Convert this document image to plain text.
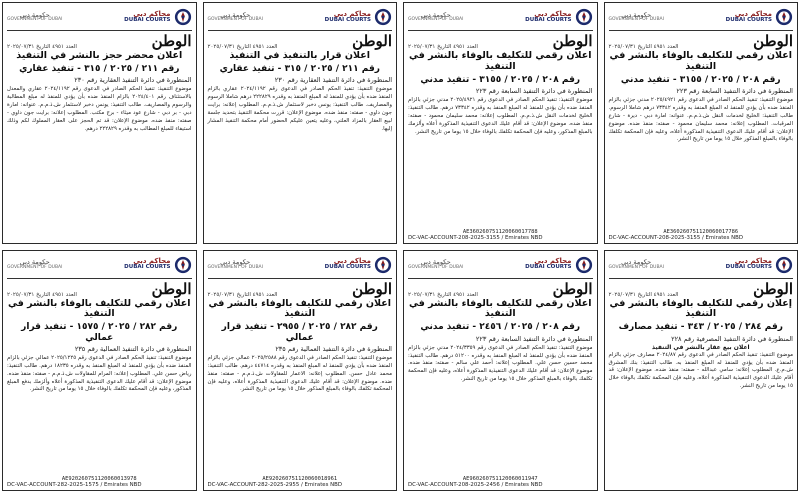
محاكم دبي
DUBAI COURTS
حكومة دبي
GOVERNMENT OF DUBAI
الوطن
العدد ٤٩٥١ التاريخ ٢٠٢٥/٠٧/٣١
اعلان محضر حجز بالنشر في التنفيذ
رقم ٢١١ / ٢٠٢٥ / ٣١٥ - تنفيذ عقاري
المنظورة في دائرة التنفيذ العقارية رقم ٢٣٠
موضوع التنفيذ: تنفيذ الحكم الصادر في الدعوى رقم ٢٠٢٤/١١٩٢ عقاري والمعدل بالاستئناف رقم ٢٠٢٤/٤٠١ بالزام المنفذ ضده بأن يؤدي للمنفذ له مبلغ المطالبة والرسوم والمصاريف. طالب التنفيذ: يونس دخبر لاستثمار ش.ذ.م.م. عنوانه: امارة دبي - بر دبي - شارع عود ميثاء - برج مكتب. المطلوب إعلانه: برايت جون داوي - صفته: منفذ ضده. موضوع الإعلان: قد تم الحجز على العقار المملوك لكم وذلك استيفاء للمبلغ المطالب به وقدره ٢٢٢٨٢٩ درهم.
محاكم دبي
DUBAI COURTS
حكومة دبي
GOVERNMENT OF DUBAI
الوطن
العدد ٤٩٥١ التاريخ ٢٠٢٥/٠٧/٣١
اعلان قرار بالتنفيذ في التنفيذ
رقم ٢١١ / ٢٠٢٥ / ٣١٥ - تنفيذ عقاري
المنظورة في دائرة التنفيذ العقارية رقم ٢٣٠
موضوع التنفيذ: تنفيذ الحكم الصادر في الدعوى رقم ٢٠٢٤/١١٩٢ عقاري بالزام المنفذ ضده بأن يؤدي للمنفذ له المبلغ المنفذ به وقدره ٢٢٢٨٢٩ درهم شاملا الرسوم والمصاريف. طالب التنفيذ: يونس دخبر لاستثمار ش.ذ.م.م. المطلوب إعلانه: برايت جون داوي - صفته: منفذ ضده. موضوع الإعلان: قررت محكمة التنفيذ بتحديد جلسة لبيع العقار بالمزاد العلني، وعليه يتعين عليكم الحضور أمام محكمة التنفيذ المشار إليها.
محاكم دبي
DUBAI COURTS
حكومة دبي
GOVERNMENT OF DUBAI
الوطن
العدد ٤٩٥١ التاريخ ٢٠٢٥/٠٧/٣١
اعلان رقمي للتكليف بالوفاء بالنشر في التنفيذ
رقم ٢٠٨ / ٢٠٢٥ / ٣١٥٥ - تنفيذ مدني
المنظورة في دائرة التنفيذ السابعة رقم ٢٢٣
موضوع التنفيذ: تنفيذ الحكم الصادر في الدعوى رقم ٢٠٢٥/٤٩٢١ مدني جزئي بالزام المنفذ ضده بأن يؤدي للمنفذ له المبلغ المنفذ به وقدره ٧٣٣٤٢ درهم. طالب التنفيذ: الخليج لخدمات النقل ش.ذ.م.م. المطلوب إعلانه: محمد سليمان محمود - صفته: منفذ ضده. موضوع الإعلان: قد أقام عليك الدعوى التنفيذية المذكورة أعلاه وألزمك بالمبلغ المذكور، وعليه فإن المحكمة تكلفك بالوفاء خلال ١٥ يوما من تاريخ النشر.
AE360260751120060017788
DC-VAC-ACCOUNT-208-2025-3155 / Emirates NBD
محاكم دبي
DUBAI COURTS
حكومة دبي
GOVERNMENT OF DUBAI
الوطن
العدد ٤٩٥١ التاريخ ٢٠٢٥/٠٧/٣١
اعلان رقمي للتكليف بالوفاء بالنشر في التنفيذ
رقم ٢٠٨ / ٢٠٢٥ / ٣١٥٥ - تنفيذ مدني
المنظورة في دائرة التنفيذ السابعة رقم ٢٢٣
موضوع التنفيذ: تنفيذ الحكم الصادر في الدعوى رقم ٢٠٢٥/٤٩٢١ مدني جزئي بالزام المنفذ ضده بأن يؤدي للمنفذ له المبلغ المنفذ به وقدره ٧٣٣٤٢ درهم شاملا الرسوم. طالب التنفيذ: الخليج لخدمات النقل ش.ذ.م.م. عنوانه: امارة دبي - ديرة - شارع المرقبات. المطلوب إعلانه: محمد سليمان محمود - صفته: منفذ ضده. موضوع الإعلان: قد أقام عليك الدعوى التنفيذية المذكورة أعلاه، وعليه فإن المحكمة تكلفك بالوفاء بالمبلغ المذكور خلال ١٥ يوما من تاريخ النشر.
AE360260751120060017786
DC-VAC-ACCOUNT-208-2025-3155 / Emirates NBD
محاكم دبي
DUBAI COURTS
حكومة دبي
GOVERNMENT OF DUBAI
الوطن
العدد ٤٩٥١ التاريخ ٢٠٢٥/٠٧/٣١
اعلان رقمي للتكليف بالوفاء بالنشر في التنفيذ
رقم ٢٨٢ / ٢٠٢٥ / ١٥٧٥ - تنفيذ قرار عمالي
المنظورة في دائرة التنفيذ العمالية رقم ٢٣٥
موضوع التنفيذ: تنفيذ الحكم الصادر في الدعوى رقم ٢٠٢٥/١٢٢٥ عمالي جزئي بالزام المنفذ ضده بأن يؤدي للمنفذ له المبلغ المنفذ به وقدره ١٨٢٣٥ درهم. طالب التنفيذ: رياض حسن علي. المطلوب إعلانه: المرام للمقاولات ش.ذ.م.م - صفته: منفذ ضده. موضوع الإعلان: قد أقام عليك الدعوى التنفيذية المذكورة أعلاه وألزمك بدفع المبلغ المذكور، وعليه فإن المحكمة تكلفك بالوفاء خلال ١٥ يوما من تاريخ النشر.
AE920260751120060013978
DC-VAC-ACCOUNT-282-2025-1575 / Emirates NBD
محاكم دبي
DUBAI COURTS
حكومة دبي
GOVERNMENT OF DUBAI
الوطن
العدد ٤٩٥١ التاريخ ٢٠٢٥/٠٧/٣١
اعلان رقمي للتكليف بالوفاء بالنشر في التنفيذ
رقم ٢٨٢ / ٢٠٢٥ / ٢٩٥٥ - تنفيذ قرار عمالي
المنظورة في دائرة التنفيذ العمالية رقم ٢٣٥
موضوع التنفيذ: تنفيذ الحكم الصادر في الدعوى رقم ٢٠٢٥/٢٥٨٨ عمالي جزئي بالزام المنفذ ضده بأن يؤدي للمنفذ له المبلغ المنفذ به وقدره ٤٤٧١٤ درهم. طالب التنفيذ: محمد عادل حسن. المطلوب إعلانه: الاعمار للمقاولات ش.ذ.م.م - صفته: منفذ ضده. موضوع الإعلان: قد أقام عليك الدعوى التنفيذية المذكورة أعلاه، وعليه فإن المحكمة تكلفك بالوفاء بالمبلغ المذكور خلال ١٥ يوما من تاريخ النشر.
AE920260751120060018961
DC-VAC-ACCOUNT-282-2025-2955 / Emirates NBD
محاكم دبي
DUBAI COURTS
حكومة دبي
GOVERNMENT OF DUBAI
الوطن
العدد ٤٩٥١ التاريخ ٢٠٢٥/٠٧/٣١
اعلان رقمي للتكليف بالوفاء بالنشر في التنفيذ
رقم ٢٠٨ / ٢٠٢٥ / ٢٤٥٦ - تنفيذ مدني
المنظورة في دائرة التنفيذ السابعة رقم ٢٢٣
موضوع التنفيذ: تنفيذ الحكم الصادر في الدعوى رقم ٢٠٢٤/٣٣٥٩ مدني جزئي بالزام المنفذ ضده بأن يؤدي للمنفذ له المبلغ المنفذ به وقدره ٥١٢٠٠ درهم. طالب التنفيذ: محمد حسين حسن علي. المطلوب إعلانه: أحمد علي سالم - صفته: منفذ ضده. موضوع الإعلان: قد أقام عليك الدعوى التنفيذية المذكورة أعلاه، وعليه فإن المحكمة تكلفك بالوفاء بالمبلغ المذكور خلال ١٥ يوما من تاريخ النشر.
AE960260751120060011947
DC-VAC-ACCOUNT-208-2025-2456 / Emirates NBD
محاكم دبي
DUBAI COURTS
حكومة دبي
GOVERNMENT OF DUBAI
الوطن
العدد ٤٩٥١ التاريخ ٢٠٢٥/٠٧/٣١
إعلان رقمي للتكليف بالوفاء بالنشر في التنفيذ
رقم ٢٨٤ / ٢٠٢٥ / ٣٤٣ - تنفيذ مصارف
المنظورة في دائرة التنفيذ المصرفية رقم ٢٢٨
اعلان بيع عقار بالنشر في التنفيذ
موضوع التنفيذ: تنفيذ الحكم الصادر في الدعوى رقم ٢٠٢٤/٨٧ مصارف جزئي بالزام المنفذ ضده بأن يؤدي للمنفذ له المبلغ المنفذ به. طالب التنفيذ: بنك المشرق ش.م.ع. المطلوب إعلانه: سامي عبدالله - صفته: منفذ ضده. موضوع الإعلان: قد أقام عليك الدعوى التنفيذية المذكورة أعلاه، وعليه فإن المحكمة تكلفك بالوفاء خلال ١٥ يوما من تاريخ النشر.
